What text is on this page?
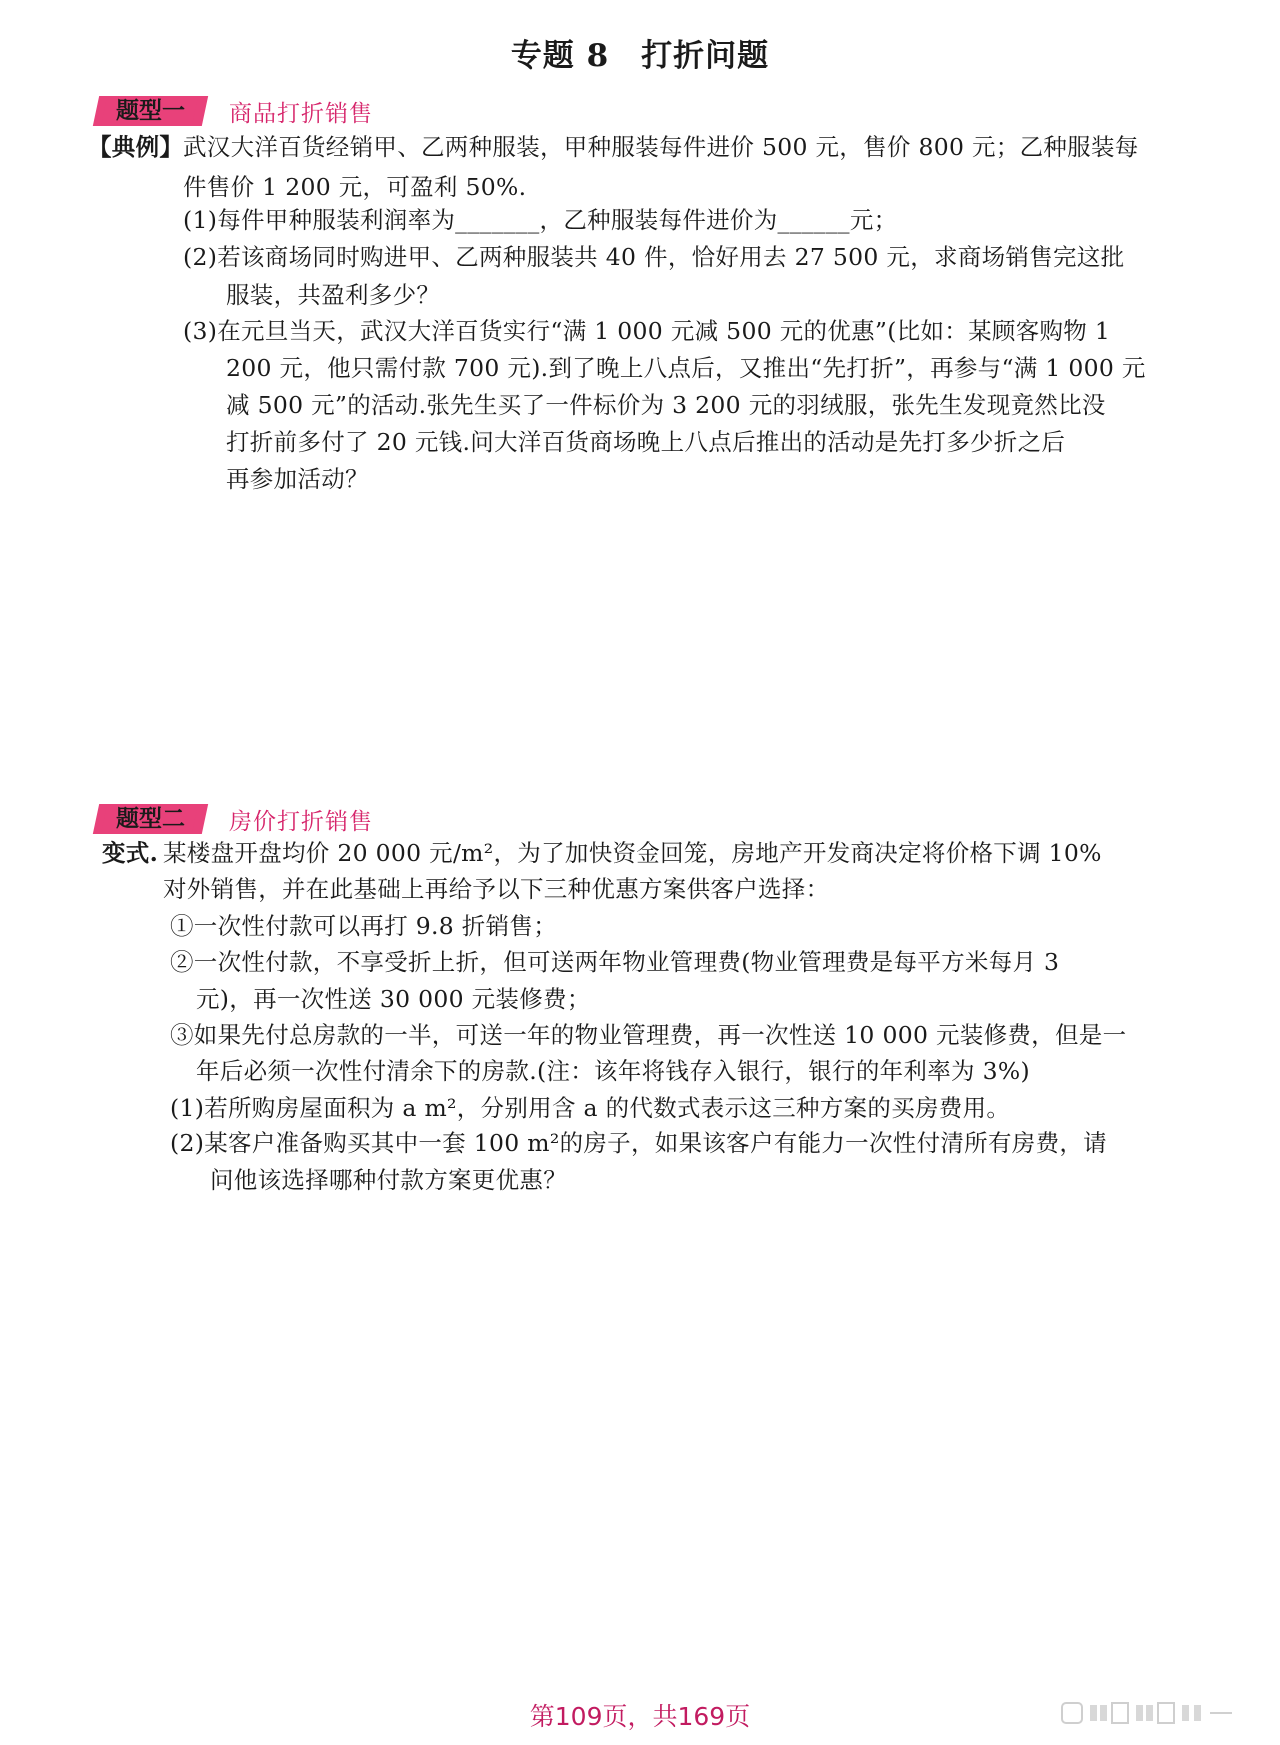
专题 8　打折问题
题型一	商品打折销售
【典例】 武汉大洋百货经销甲、乙两种服装，甲种服装每件进价 500 元，售价 800 元；乙种服装每
件售价 1 200 元，可盈利 50%.
(1)每件甲种服装利润率为_______，乙种服装每件进价为______元；
(2)若该商场同时购进甲、乙两种服装共 40 件，恰好用去 27 500 元，求商场销售完这批
服装，共盈利多少？
(3)在元旦当天，武汉大洋百货实行“满 1 000 元减 500 元的优惠”(比如：某顾客购物 1
200 元，他只需付款 700 元).到了晚上八点后，又推出“先打折”，再参与“满 1 000 元
减 500 元”的活动.张先生买了一件标价为 3 200 元的羽绒服，张先生发现竟然比没
打折前多付了 20 元钱.问大洋百货商场晚上八点后推出的活动是先打多少折之后
再参加活动？
题型二	房价打折销售
变式. 某楼盘开盘均价 20 000 元/m²，为了加快资金回笼，房地产开发商决定将价格下调 10%
对外销售，并在此基础上再给予以下三种优惠方案供客户选择：
①一次性付款可以再打 9.8 折销售；
②一次性付款，不享受折上折，但可送两年物业管理费(物业管理费是每平方米每月 3
元)，再一次性送 30 000 元装修费；
③如果先付总房款的一半，可送一年的物业管理费，再一次性送 10 000 元装修费，但是一
年后必须一次性付清余下的房款.(注：该年将钱存入银行，银行的年利率为 3%)
(1)若所购房屋面积为 a m²，分别用含 a 的代数式表示这三种方案的买房费用。
(2)某客户准备购买其中一套 100 m²的房子，如果该客户有能力一次性付清所有房费，请
问他该选择哪种付款方案更优惠？
第109页，共169页
